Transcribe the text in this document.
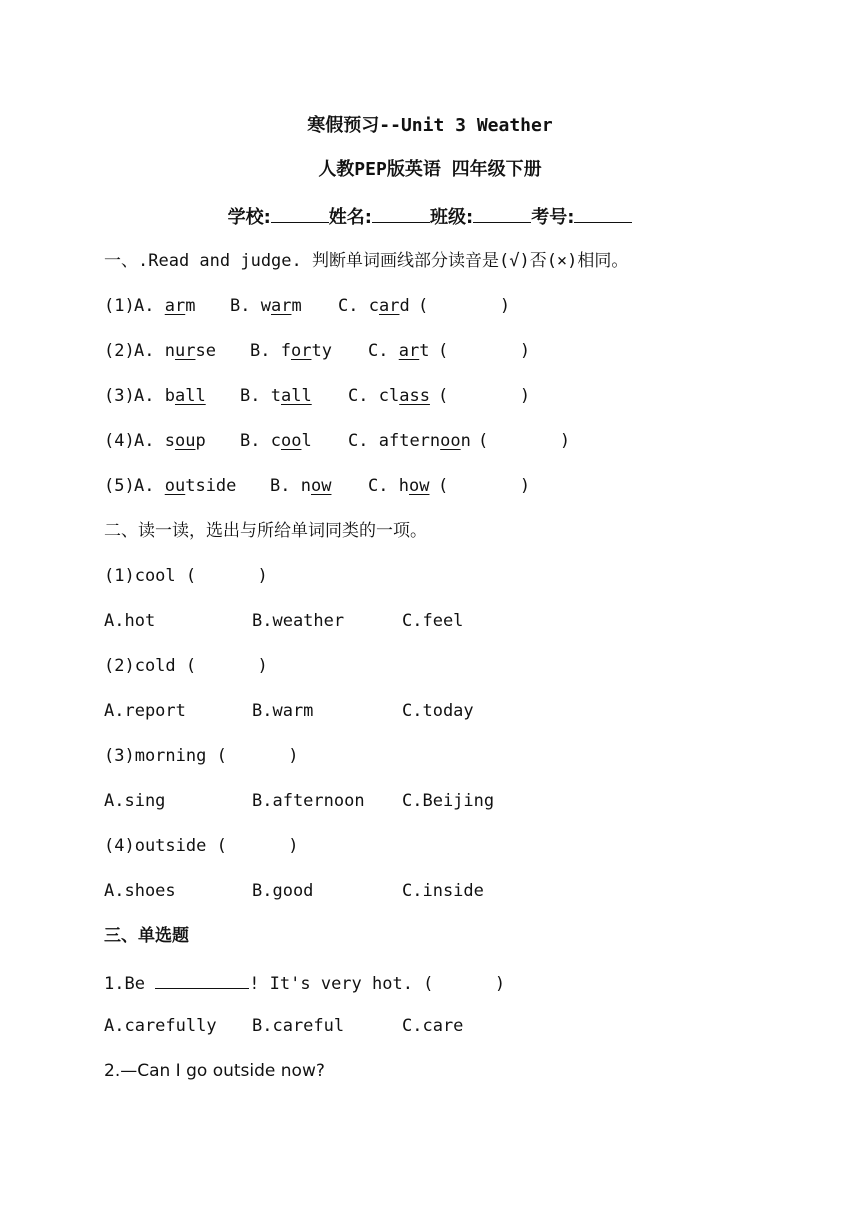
寒假预习--Unit 3 Weather
人教PEP版英语 四年级下册
学校:	姓名:	班级:	考号:
一、.Read and judge. 判断单词画线部分读音是(√)否(×)相同。
(1) A. arm B. warm C. card (       )
(2) A. nurse B. forty C. art (       )
(3) A. ball B. tall C. class (       )
(4) A. soup B. cool C. afternoon (       )
(5) A. outside B. now C. how (       )
二、读一读，选出与所给单词同类的一项。
(1)cool (      )
A.hot	B.weather	C.feel
(2)cold (      )
A.report	B.warm	C.today
(3)morning (      )
A.sing	B.afternoon C.Beijing
(4)outside (      )
A.shoes	B.good	C.inside
三、单选题
1.Be	! It's very hot. (      )

A.carefully

B.careful

	C.care

2.—Can I go outside now?
